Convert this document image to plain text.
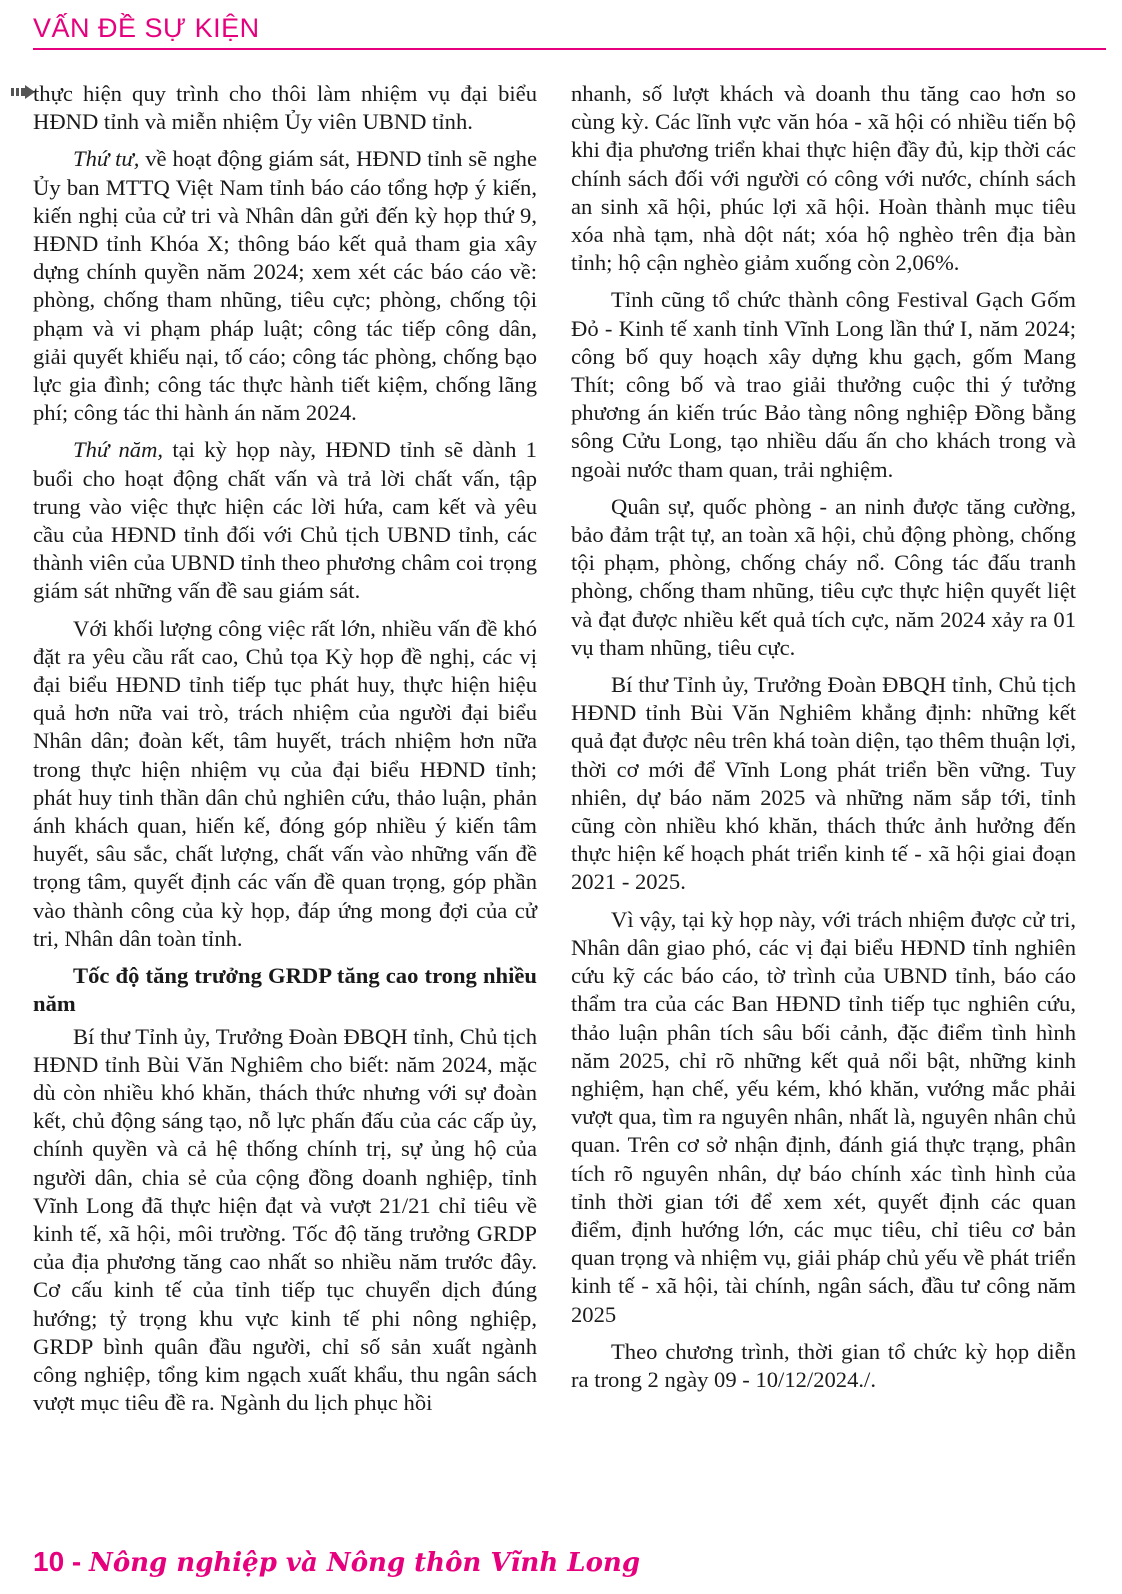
VẤN ĐỀ SỰ KIỆN

thực hiện quy trình cho thôi làm nhiệm vụ đại biểu HĐND tỉnh và miễn nhiệm Ủy viên UBND tỉnh.

Thứ tư, về hoạt động giám sát, HĐND tỉnh sẽ nghe Ủy ban MTTQ Việt Nam tỉnh báo cáo tổng hợp ý kiến, kiến nghị của cử tri và Nhân dân gửi đến kỳ họp thứ 9, HĐND tỉnh Khóa X; thông báo kết quả tham gia xây dựng chính quyền năm 2024; xem xét các báo cáo về: phòng, chống tham nhũng, tiêu cực; phòng, chống tội phạm và vi phạm pháp luật; công tác tiếp công dân, giải quyết khiếu nại, tố cáo; công tác phòng, chống bạo lực gia đình; công tác thực hành tiết kiệm, chống lãng phí; công tác thi hành án năm 2024.

Thứ năm, tại kỳ họp này, HĐND tỉnh sẽ dành 1 buổi cho hoạt động chất vấn và trả lời chất vấn, tập trung vào việc thực hiện các lời hứa, cam kết và yêu cầu của HĐND tỉnh đối với Chủ tịch UBND tỉnh, các thành viên của UBND tỉnh theo phương châm coi trọng giám sát những vấn đề sau giám sát.

Với khối lượng công việc rất lớn, nhiều vấn đề khó đặt ra yêu cầu rất cao, Chủ tọa Kỳ họp đề nghị, các vị đại biểu HĐND tỉnh tiếp tục phát huy, thực hiện hiệu quả hơn nữa vai trò, trách nhiệm của người đại biểu Nhân dân; đoàn kết, tâm huyết, trách nhiệm hơn nữa trong thực hiện nhiệm vụ của đại biểu HĐND tỉnh; phát huy tinh thần dân chủ nghiên cứu, thảo luận, phản ánh khách quan, hiến kế, đóng góp nhiều ý kiến tâm huyết, sâu sắc, chất lượng, chất vấn vào những vấn đề trọng tâm, quyết định các vấn đề quan trọng, góp phần vào thành công của kỳ họp, đáp ứng mong đợi của cử tri, Nhân dân toàn tỉnh.

Tốc độ tăng trưởng GRDP tăng cao trong nhiều năm

Bí thư Tỉnh ủy, Trưởng Đoàn ĐBQH tỉnh, Chủ tịch HĐND tỉnh Bùi Văn Nghiêm cho biết: năm 2024, mặc dù còn nhiều khó khăn, thách thức nhưng với sự đoàn kết, chủ động sáng tạo, nỗ lực phấn đấu của các cấp ủy, chính quyền và cả hệ thống chính trị, sự ủng hộ của người dân, chia sẻ của cộng đồng doanh nghiệp, tỉnh Vĩnh Long đã thực hiện đạt và vượt 21/21 chỉ tiêu về kinh tế, xã hội, môi trường. Tốc độ tăng trưởng GRDP của địa phương tăng cao nhất so nhiều năm trước đây. Cơ cấu kinh tế của tỉnh tiếp tục chuyển dịch đúng hướng; tỷ trọng khu vực kinh tế phi nông nghiệp, GRDP bình quân đầu người, chỉ số sản xuất ngành công nghiệp, tổng kim ngạch xuất khẩu, thu ngân sách vượt mục tiêu đề ra. Ngành du lịch phục hồi

nhanh, số lượt khách và doanh thu tăng cao hơn so cùng kỳ. Các lĩnh vực văn hóa - xã hội có nhiều tiến bộ khi địa phương triển khai thực hiện đầy đủ, kịp thời các chính sách đối với người có công với nước, chính sách an sinh xã hội, phúc lợi xã hội. Hoàn thành mục tiêu xóa nhà tạm, nhà dột nát; xóa hộ nghèo trên địa bàn tỉnh; hộ cận nghèo giảm xuống còn 2,06%.

Tỉnh cũng tổ chức thành công Festival Gạch Gốm Đỏ - Kinh tế xanh tỉnh Vĩnh Long lần thứ I, năm 2024; công bố quy hoạch xây dựng khu gạch, gốm Mang Thít; công bố và trao giải thưởng cuộc thi ý tưởng phương án kiến trúc Bảo tàng nông nghiệp Đồng bằng sông Cửu Long, tạo nhiều dấu ấn cho khách trong và ngoài nước tham quan, trải nghiệm.

Quân sự, quốc phòng - an ninh được tăng cường, bảo đảm trật tự, an toàn xã hội, chủ động phòng, chống tội phạm, phòng, chống cháy nổ. Công tác đấu tranh phòng, chống tham nhũng, tiêu cực thực hiện quyết liệt và đạt được nhiều kết quả tích cực, năm 2024 xảy ra 01 vụ tham nhũng, tiêu cực.

Bí thư Tỉnh ủy, Trưởng Đoàn ĐBQH tỉnh, Chủ tịch HĐND tỉnh Bùi Văn Nghiêm khẳng định: những kết quả đạt được nêu trên khá toàn diện, tạo thêm thuận lợi, thời cơ mới để Vĩnh Long phát triển bền vững. Tuy nhiên, dự báo năm 2025 và những năm sắp tới, tỉnh cũng còn nhiều khó khăn, thách thức ảnh hưởng đến thực hiện kế hoạch phát triển kinh tế - xã hội giai đoạn 2021 - 2025.

Vì vậy, tại kỳ họp này, với trách nhiệm được cử tri, Nhân dân giao phó, các vị đại biểu HĐND tỉnh nghiên cứu kỹ các báo cáo, tờ trình của UBND tỉnh, báo cáo thẩm tra của các Ban HĐND tỉnh tiếp tục nghiên cứu, thảo luận phân tích sâu bối cảnh, đặc điểm tình hình năm 2025, chỉ rõ những kết quả nổi bật, những kinh nghiệm, hạn chế, yếu kém, khó khăn, vướng mắc phải vượt qua, tìm ra nguyên nhân, nhất là, nguyên nhân chủ quan. Trên cơ sở nhận định, đánh giá thực trạng, phân tích rõ nguyên nhân, dự báo chính xác tình hình của tỉnh thời gian tới để xem xét, quyết định các quan điểm, định hướng lớn, các mục tiêu, chỉ tiêu cơ bản quan trọng và nhiệm vụ, giải pháp chủ yếu về phát triển kinh tế - xã hội, tài chính, ngân sách, đầu tư công năm 2025

Theo chương trình, thời gian tổ chức kỳ họp diễn ra trong 2 ngày 09 - 10/12/2024./.

10 - Nông nghiệp và Nông thôn Vĩnh Long
